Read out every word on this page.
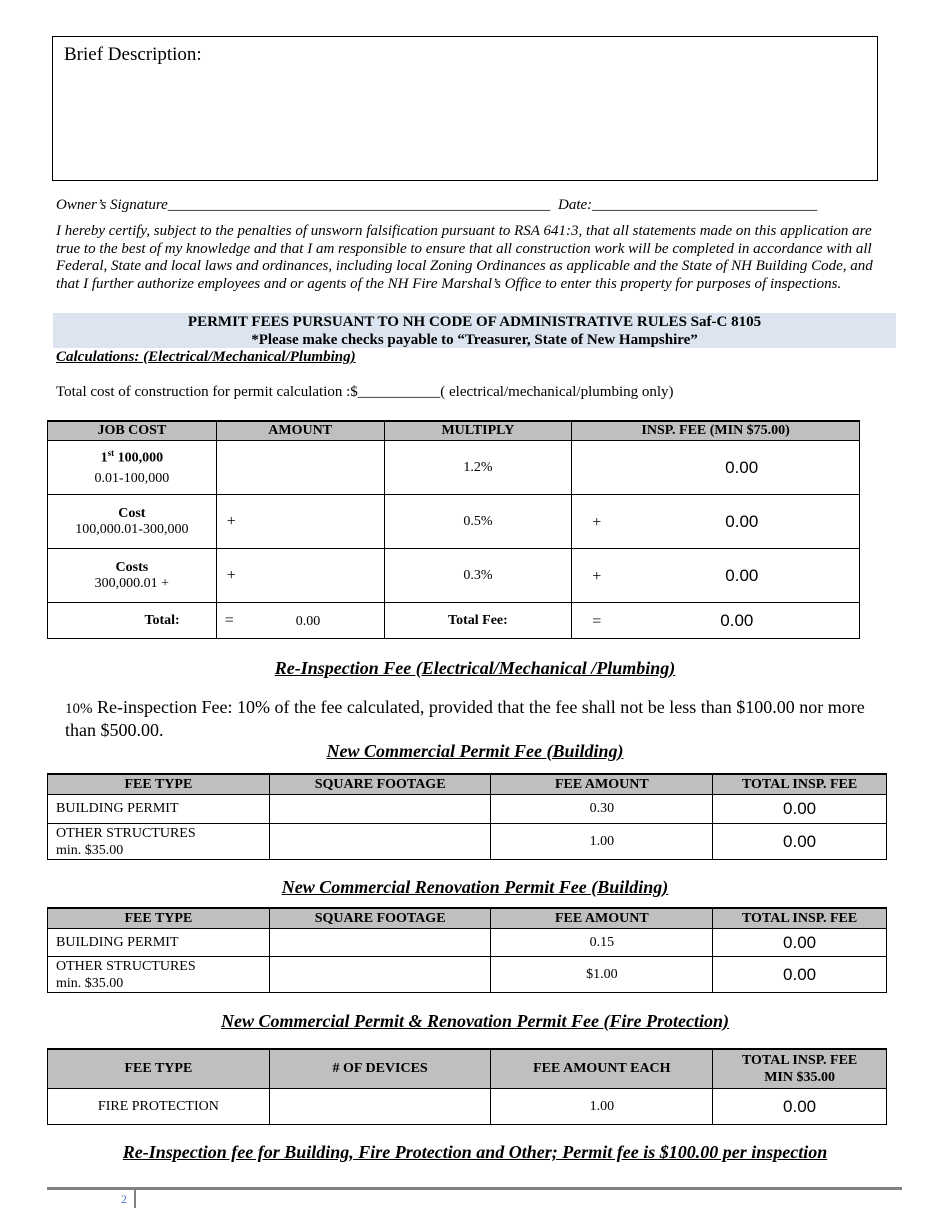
Brief Description:
Owner’s Signature___________________________________________________ Date:______________________________
I hereby certify, subject to the penalties of unsworn falsification pursuant to RSA 641:3, that all statements made on this application are true to the best of my knowledge and that I am responsible to ensure that all construction work will be completed in accordance with all Federal, State and local laws and ordinances, including local Zoning Ordinances as applicable and the State of NH Building Code, and that I further authorize employees and or agents of the NH Fire Marshal’s Office to enter this property for purposes of inspections.
PERMIT FEES PURSUANT TO NH CODE OF ADMINISTRATIVE RULES Saf-C 8105
*Please make checks payable to “Treasurer, State of New Hampshire”
Calculations: (Electrical/Mechanical/Plumbing)
Total cost of construction for permit calculation :$___________( electrical/mechanical/plumbing only)
JOB COST	AMOUNT	MULTIPLY	INSP. FEE (MIN $75.00)

1st 100,000
0.01-100,000		1.2%	0.00

Cost
100,000.01-300,000	+	0.5%	+ 0.00

Costs
300,000.01 +	+	0.3%	+ 0.00
Total:	= 0.00	Total Fee:	= 0.00
Re-Inspection Fee (Electrical/Mechanical /Plumbing)
10% Re-inspection Fee: 10% of the fee calculated, provided that the fee shall not be less than $100.00 nor more than $500.00.
New Commercial Permit Fee (Building)
FEE TYPE	SQUARE FOOTAGE	FEE AMOUNT	TOTAL INSP. FEE
BUILDING PERMIT		0.30	0.00

OTHER STRUCTURES
min. $35.00		1.00	0.00
New Commercial Renovation Permit Fee (Building)
FEE TYPE	SQUARE FOOTAGE	FEE AMOUNT	TOTAL INSP. FEE
BUILDING PERMIT		0.15	0.00

OTHER STRUCTURES
min. $35.00		$1.00	0.00
New Commercial Permit & Renovation Permit Fee (Fire Protection)
FEE TYPE	# OF DEVICES	FEE AMOUNT EACH	TOTAL INSP. FEE
MIN $35.00

FIRE PROTECTION		1.00	0.00
Re-Inspection fee for Building, Fire Protection and Other; Permit fee is $100.00 per inspection
2
